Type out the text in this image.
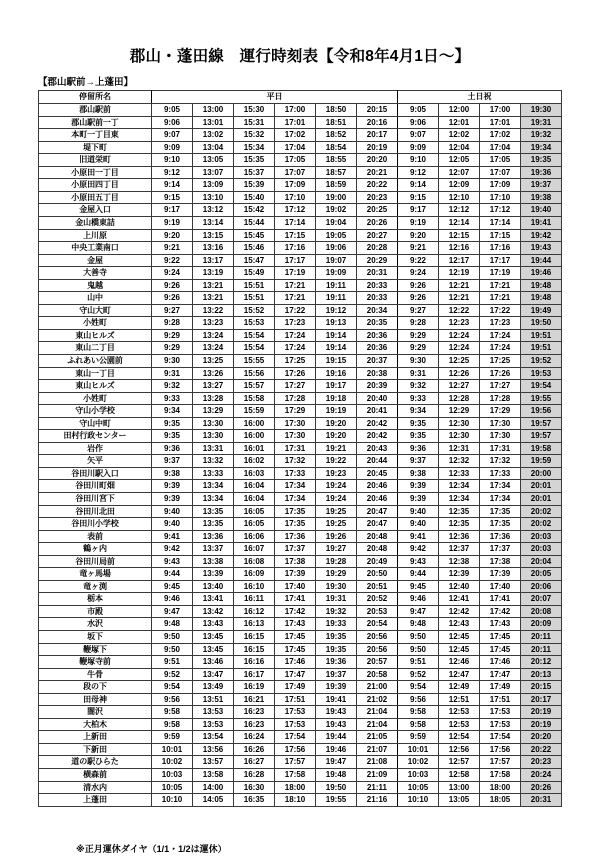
郡山・蓬田線　運行時刻表【令和8年4月1日～】
【郡山駅前→上蓬田】
停留所名	平日						土日祝			
郡山駅前	9:05	13:00	15:30	17:00	18:50	20:15	9:05	12:00	17:00	19:30
郡山駅前一丁	9:06	13:01	15:31	17:01	18:51	20:16	9:06	12:01	17:01	19:31
本町一丁目東	9:07	13:02	15:32	17:02	18:52	20:17	9:07	12:02	17:02	19:32
堤下町	9:09	13:04	15:34	17:04	18:54	20:19	9:09	12:04	17:04	19:34
旧道栄町	9:10	13:05	15:35	17:05	18:55	20:20	9:10	12:05	17:05	19:35
小原田一丁目	9:12	13:07	15:37	17:07	18:57	20:21	9:12	12:07	17:07	19:36
小原田四丁目	9:14	13:09	15:39	17:09	18:59	20:22	9:14	12:09	17:09	19:37
小原田五丁目	9:15	13:10	15:40	17:10	19:00	20:23	9:15	12:10	17:10	19:38
金屋入口	9:17	13:12	15:42	17:12	19:02	20:25	9:17	12:12	17:12	19:40
金山橋東詰	9:19	13:14	15:44	17:14	19:04	20:26	9:19	12:14	17:14	19:41
上川原	9:20	13:15	15:45	17:15	19:05	20:27	9:20	12:15	17:15	19:42
中央工業南口	9:21	13:16	15:46	17:16	19:06	20:28	9:21	12:16	17:16	19:43
金屋	9:22	13:17	15:47	17:17	19:07	20:29	9:22	12:17	17:17	19:44
大善寺	9:24	13:19	15:49	17:19	19:09	20:31	9:24	12:19	17:19	19:46
鬼越	9:26	13:21	15:51	17:21	19:11	20:33	9:26	12:21	17:21	19:48
山中	9:26	13:21	15:51	17:21	19:11	20:33	9:26	12:21	17:21	19:48
守山大町	9:27	13:22	15:52	17:22	19:12	20:34	9:27	12:22	17:22	19:49
小姓町	9:28	13:23	15:53	17:23	19:13	20:35	9:28	12:23	17:23	19:50
東山ヒルズ	9:29	13:24	15:54	17:24	19:14	20:36	9:29	12:24	17:24	19:51
東山二丁目	9:29	13:24	15:54	17:24	19:14	20:36	9:29	12:24	17:24	19:51
ふれあい公園前	9:30	13:25	15:55	17:25	19:15	20:37	9:30	12:25	17:25	19:52
東山一丁目	9:31	13:26	15:56	17:26	19:16	20:38	9:31	12:26	17:26	19:53
東山ヒルズ	9:32	13:27	15:57	17:27	19:17	20:39	9:32	12:27	17:27	19:54
小姓町	9:33	13:28	15:58	17:28	19:18	20:40	9:33	12:28	17:28	19:55
守山小学校	9:34	13:29	15:59	17:29	19:19	20:41	9:34	12:29	17:29	19:56
守山中町	9:35	13:30	16:00	17:30	19:20	20:42	9:35	12:30	17:30	19:57
田村行政センター	9:35	13:30	16:00	17:30	19:20	20:42	9:35	12:30	17:30	19:57
岩作	9:36	13:31	16:01	17:31	19:21	20:43	9:36	12:31	17:31	19:58
矢平	9:37	13:32	16:02	17:32	19:22	20:44	9:37	12:32	17:32	19:59
谷田川駅入口	9:38	13:33	16:03	17:33	19:23	20:45	9:38	12:33	17:33	20:00
谷田川町畑	9:39	13:34	16:04	17:34	19:24	20:46	9:39	12:34	17:34	20:01
谷田川宮下	9:39	13:34	16:04	17:34	19:24	20:46	9:39	12:34	17:34	20:01
谷田川北田	9:40	13:35	16:05	17:35	19:25	20:47	9:40	12:35	17:35	20:02
谷田川小学校	9:40	13:35	16:05	17:35	19:25	20:47	9:40	12:35	17:35	20:02
表前	9:41	13:36	16:06	17:36	19:26	20:48	9:41	12:36	17:36	20:03
鶴ヶ内	9:42	13:37	16:07	17:37	19:27	20:48	9:42	12:37	17:37	20:03
谷田川局前	9:43	13:38	16:08	17:38	19:28	20:49	9:43	12:38	17:38	20:04
竜ヶ馬場	9:44	13:39	16:09	17:39	19:29	20:50	9:44	12:39	17:39	20:05
竜ヶ渕	9:45	13:40	16:10	17:40	19:30	20:51	9:45	12:40	17:40	20:06
栃本	9:46	13:41	16:11	17:41	19:31	20:52	9:46	12:41	17:41	20:07
市殿	9:47	13:42	16:12	17:42	19:32	20:53	9:47	12:42	17:42	20:08
水沢	9:48	13:43	16:13	17:43	19:33	20:54	9:48	12:43	17:43	20:09
坂下	9:50	13:45	16:15	17:45	19:35	20:56	9:50	12:45	17:45	20:11
鞭塚下	9:50	13:45	16:15	17:45	19:35	20:56	9:50	12:45	17:45	20:11
鞭塚寺前	9:51	13:46	16:16	17:46	19:36	20:57	9:51	12:46	17:46	20:12
牛骨	9:52	13:47	16:17	17:47	19:37	20:58	9:52	12:47	17:47	20:13
段の下	9:54	13:49	16:19	17:49	19:39	21:00	9:54	12:49	17:49	20:15
田母神	9:56	13:51	16:21	17:51	19:41	21:02	9:56	12:51	17:51	20:17
闇沢	9:58	13:53	16:23	17:53	19:43	21:04	9:58	12:53	17:53	20:19
大柏木	9:58	13:53	16:23	17:53	19:43	21:04	9:58	12:53	17:53	20:19
上新田	9:59	13:54	16:24	17:54	19:44	21:05	9:59	12:54	17:54	20:20
下新田	10:01	13:56	16:26	17:56	19:46	21:07	10:01	12:56	17:56	20:22
道の駅ひらた	10:02	13:57	16:27	17:57	19:47	21:08	10:02	12:57	17:57	20:23
横森前	10:03	13:58	16:28	17:58	19:48	21:09	10:03	12:58	17:58	20:24
清水内	10:05	14:00	16:30	18:00	19:50	21:11	10:05	13:00	18:00	20:26
上蓬田	10:10	14:05	16:35	18:10	19:55	21:16	10:10	13:05	18:05	20:31
※正月運休ダイヤ（1/1・1/2は運休）
